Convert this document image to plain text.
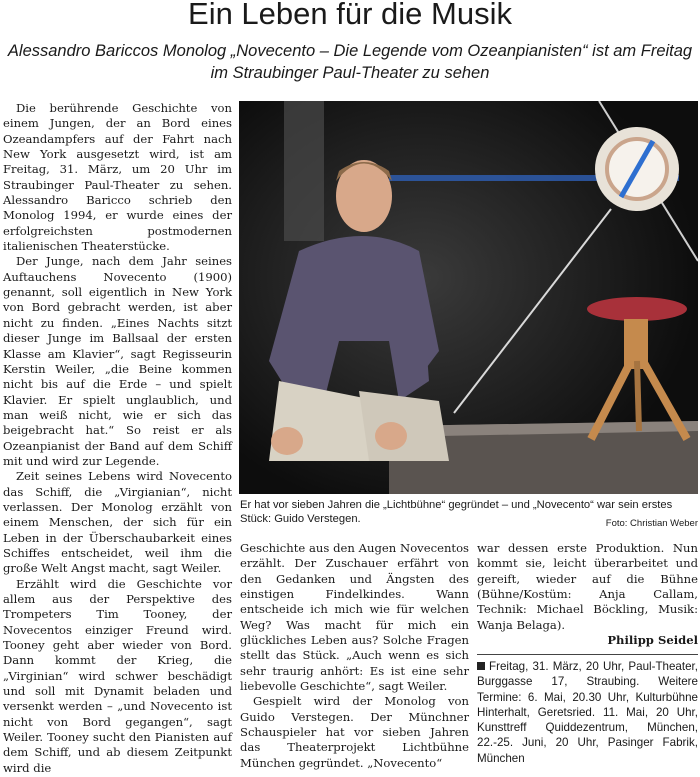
Ein Leben für die Musik

Alessandro Bariccos Monolog „Novecento – Die Legende vom Ozeanpianisten“ ist am Freitag im Straubinger Paul-Theater zu sehen

Die berührende Geschichte von einem Jungen, der an Bord eines Ozeandampfers auf der Fahrt nach New York ausgesetzt wird, ist am Freitag, 31. März, um 20 Uhr im Straubinger Paul-Theater zu sehen. Alessandro Baricco schrieb den Monolog 1994, er wurde eines der erfolgreichsten postmodernen italienischen Theaterstücke.

Der Junge, nach dem Jahr seines Auftauchens Novecento (1900) genannt, soll eigentlich in New York von Bord gebracht werden, ist aber nicht zu finden. „Eines Nachts sitzt dieser Junge im Ballsaal der ersten Klasse am Klavier“, sagt Regisseurin Kerstin Weiler, „die Beine kommen nicht bis auf die Erde – und spielt Klavier. Er spielt unglaublich, und man weiß nicht, wie er sich das beigebracht hat.“ So reist er als Ozeanpianist der Band auf dem Schiff mit und wird zur Legende.

Zeit seines Lebens wird Novecento das Schiff, die „Virgianian“, nicht verlassen. Der Monolog erzählt von einem Menschen, der sich für ein Leben in der Überschaubarkeit eines Schiffes entscheidet, weil ihm die große Welt Angst macht, sagt Weiler.

Erzählt wird die Geschichte vor allem aus der Perspektive des Trompeters Tim Tooney, der Novecentos einziger Freund wird. Tooney geht aber wieder von Bord. Dann kommt der Krieg, die „Virginian“ wird schwer beschädigt und soll mit Dynamit beladen und versenkt werden – „und Novecento ist nicht von Bord gegangen“, sagt Weiler. Tooney sucht den Pianisten auf dem Schiff, und ab diesem Zeitpunkt wird die

Er hat vor sieben Jahren die „Lichtbühne“ gegründet – und „Novecento“ war sein erstes Stück: Guido Verstegen.	Foto: Christian Weber

Geschichte aus den Augen Novecentos erzählt. Der Zuschauer erfährt von den Gedanken und Ängsten des einstigen Findelkindes. Wann entscheide ich mich wie für welchen Weg? Was macht für mich ein glückliches Leben aus? Solche Fragen stellt das Stück. „Auch wenn es sich sehr traurig anhört: Es ist eine sehr liebevolle Geschichte“, sagt Weiler.

Gespielt wird der Monolog von Guido Verstegen. Der Münchner Schauspieler hat vor sieben Jahren das Theaterprojekt Lichtbühne München gegründet. „Novecento“

war dessen erste Produktion. Nun kommt sie, leicht überarbeitet und gereift, wieder auf die Bühne (Bühne/Kostüm: Anja Callam, Technik: Michael Böckling, Musik: Wanja Belaga).

Philipp Seidel
Freitag, 31. März, 20 Uhr, Paul-Theater, Burggasse 17, Straubing. Weitere Termine: 6. Mai, 20.30 Uhr, Kulturbühne Hinterhalt, Geretsried. 11. Mai, 20 Uhr, Kunsttreff Quiddezentrum, München, 22.-25. Juni, 20 Uhr, Pasinger Fabrik, München
